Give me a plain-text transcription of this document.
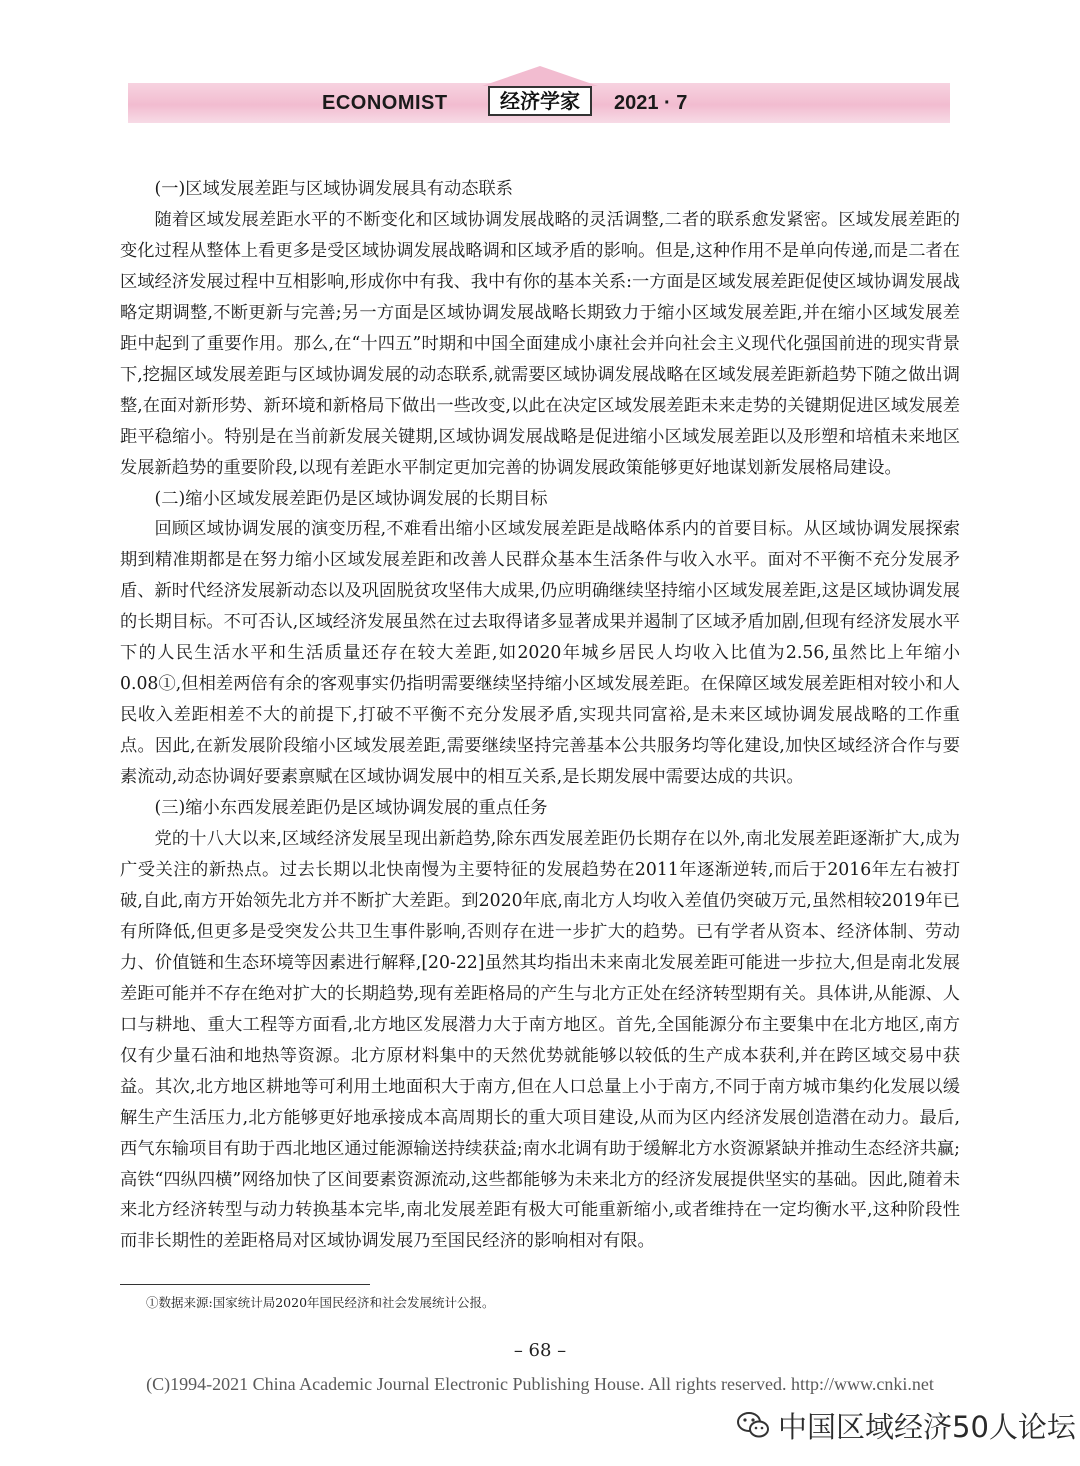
ECONOMIST	经济学家	2021 · 7
(一)区域发展差距与区域协调发展具有动态联系

随着区域发展差距水平的不断变化和区域协调发展战略的灵活调整,二者的联系愈发紧密。区域发展差距的变化过程从整体上看更多是受区域协调发展战略调和区域矛盾的影响。但是,这种作用不是单向传递,而是二者在区域经济发展过程中互相影响,形成你中有我、我中有你的基本关系:一方面是区域发展差距促使区域协调发展战略定期调整,不断更新与完善;另一方面是区域协调发展战略长期致力于缩小区域发展差距,并在缩小区域发展差距中起到了重要作用。那么,在“十四五”时期和中国全面建成小康社会并向社会主义现代化强国前进的现实背景下,挖掘区域发展差距与区域协调发展的动态联系,就需要区域协调发展战略在区域发展差距新趋势下随之做出调整,在面对新形势、新环境和新格局下做出一些改变,以此在决定区域发展差距未来走势的关键期促进区域发展差距平稳缩小。特别是在当前新发展关键期,区域协调发展战略是促进缩小区域发展差距以及形塑和培植未来地区发展新趋势的重要阶段,以现有差距水平制定更加完善的协调发展政策能够更好地谋划新发展格局建设。

(二)缩小区域发展差距仍是区域协调发展的长期目标

回顾区域协调发展的演变历程,不难看出缩小区域发展差距是战略体系内的首要目标。从区域协调发展探索期到精准期都是在努力缩小区域发展差距和改善人民群众基本生活条件与收入水平。面对不平衡不充分发展矛盾、新时代经济发展新动态以及巩固脱贫攻坚伟大成果,仍应明确继续坚持缩小区域发展差距,这是区域协调发展的长期目标。不可否认,区域经济发展虽然在过去取得诸多显著成果并遏制了区域矛盾加剧,但现有经济发展水平下的人民生活水平和生活质量还存在较大差距,如2020年城乡居民人均收入比值为2.56,虽然比上年缩小0.08①,但相差两倍有余的客观事实仍指明需要继续坚持缩小区域发展差距。在保障区域发展差距相对较小和人民收入差距相差不大的前提下,打破不平衡不充分发展矛盾,实现共同富裕,是未来区域协调发展战略的工作重点。因此,在新发展阶段缩小区域发展差距,需要继续坚持完善基本公共服务均等化建设,加快区域经济合作与要素流动,动态协调好要素禀赋在区域协调发展中的相互关系,是长期发展中需要达成的共识。

(三)缩小东西发展差距仍是区域协调发展的重点任务

党的十八大以来,区域经济发展呈现出新趋势,除东西发展差距仍长期存在以外,南北发展差距逐渐扩大,成为广受关注的新热点。过去长期以北快南慢为主要特征的发展趋势在2011年逐渐逆转,而后于2016年左右被打破,自此,南方开始领先北方并不断扩大差距。到2020年底,南北方人均收入差值仍突破万元,虽然相较2019年已有所降低,但更多是受突发公共卫生事件影响,否则存在进一步扩大的趋势。已有学者从资本、经济体制、劳动力、价值链和生态环境等因素进行解释,[20-22]虽然其均指出未来南北发展差距可能进一步拉大,但是南北发展差距可能并不存在绝对扩大的长期趋势,现有差距格局的产生与北方正处在经济转型期有关。具体讲,从能源、人口与耕地、重大工程等方面看,北方地区发展潜力大于南方地区。首先,全国能源分布主要集中在北方地区,南方仅有少量石油和地热等资源。北方原材料集中的天然优势就能够以较低的生产成本获利,并在跨区域交易中获益。其次,北方地区耕地等可利用土地面积大于南方,但在人口总量上小于南方,不同于南方城市集约化发展以缓解生产生活压力,北方能够更好地承接成本高周期长的重大项目建设,从而为区内经济发展创造潜在动力。最后,西气东输项目有助于西北地区通过能源输送持续获益;南水北调有助于缓解北方水资源紧缺并推动生态经济共赢;高铁“四纵四横”网络加快了区间要素资源流动,这些都能够为未来北方的经济发展提供坚实的基础。因此,随着未来北方经济转型与动力转换基本完毕,南北发展差距有极大可能重新缩小,或者维持在一定均衡水平,这种阶段性而非长期性的差距格局对区域协调发展乃至国民经济的影响相对有限。

①数据来源:国家统计局2020年国民经济和社会发展统计公报。
– 68 –
(C)1994-2021 China Academic Journal Electronic Publishing House. All rights reserved. http://www.cnki.net
中国区域经济50人论坛
